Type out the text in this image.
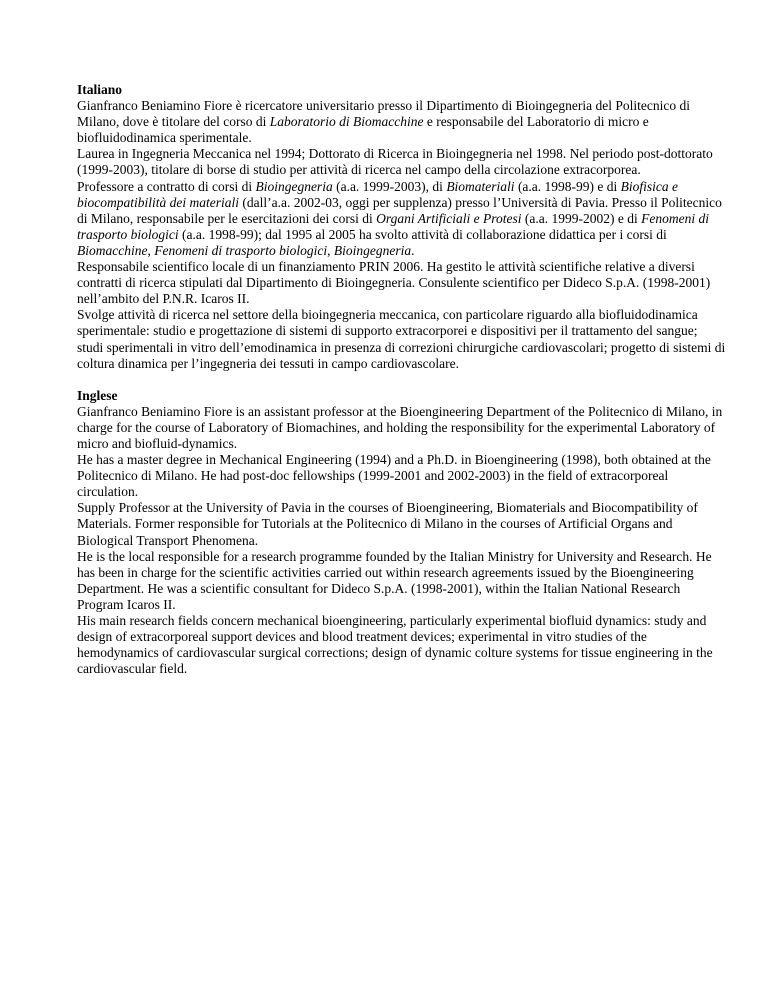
Italiano

Gianfranco Beniamino Fiore è ricercatore universitario presso il Dipartimento di Bioingegneria del Politecnico di Milano, dove è titolare del corso di Laboratorio di Biomacchine e responsabile del Laboratorio di micro e biofluidodinamica sperimentale.

Laurea in Ingegneria Meccanica nel 1994; Dottorato di Ricerca in Bioingegneria nel 1998. Nel periodo post-dottorato (1999-2003), titolare di borse di studio per attività di ricerca nel campo della circolazione extracorporea.

Professore a contratto di corsi di Bioingegneria (a.a. 1999-2003), di Biomateriali (a.a. 1998-99) e di Biofisica e biocompatibilità dei materiali (dall’a.a. 2002-03, oggi per supplenza) presso l’Università di Pavia. Presso il Politecnico di Milano, responsabile per le esercitazioni dei corsi di Organi Artificiali e Protesi (a.a. 1999-2002) e di Fenomeni di trasporto biologici (a.a. 1998-99); dal 1995 al 2005 ha svolto attività di collaborazione didattica per i corsi di Biomacchine, Fenomeni di trasporto biologici, Bioingegneria.

Responsabile scientifico locale di un finanziamento PRIN 2006. Ha gestito le attività scientifiche relative a diversi contratti di ricerca stipulati dal Dipartimento di Bioingegneria. Consulente scientifico per Dideco S.p.A. (1998-2001) nell’ambito del P.N.R. Icaros II.

Svolge attività di ricerca nel settore della bioingegneria meccanica, con particolare riguardo alla biofluidodinamica sperimentale: studio e progettazione di sistemi di supporto extracorporei e dispositivi per il trattamento del sangue; studi sperimentali in vitro dell’emodinamica in presenza di correzioni chirurgiche cardiovascolari; progetto di sistemi di coltura dinamica per l’ingegneria dei tessuti in campo cardiovascolare.

Inglese

Gianfranco Beniamino Fiore is an assistant professor at the Bioengineering Department of the Politecnico di Milano, in charge for the course of Laboratory of Biomachines, and holding the responsibility for the experimental Laboratory of micro and biofluid-dynamics.

He has a master degree in Mechanical Engineering (1994) and a Ph.D. in Bioengineering (1998), both obtained at the Politecnico di Milano. He had post-doc fellowships (1999-2001 and 2002-2003) in the field of extracorporeal circulation.

Supply Professor at the University of Pavia in the courses of Bioengineering, Biomaterials and Biocompatibility of Materials. Former responsible for Tutorials at the Politecnico di Milano in the courses of Artificial Organs and Biological Transport Phenomena.

He is the local responsible for a research programme founded by the Italian Ministry for University and Research. He has been in charge for the scientific activities carried out within research agreements issued by the Bioengineering Department. He was a scientific consultant for Dideco S.p.A. (1998-2001), within the Italian National Research Program Icaros II.

His main research fields concern mechanical bioengineering, particularly experimental biofluid dynamics: study and design of extracorporeal support devices and blood treatment devices; experimental in vitro studies of the hemodynamics of cardiovascular surgical corrections; design of dynamic colture systems for tissue engineering in the cardiovascular field.
